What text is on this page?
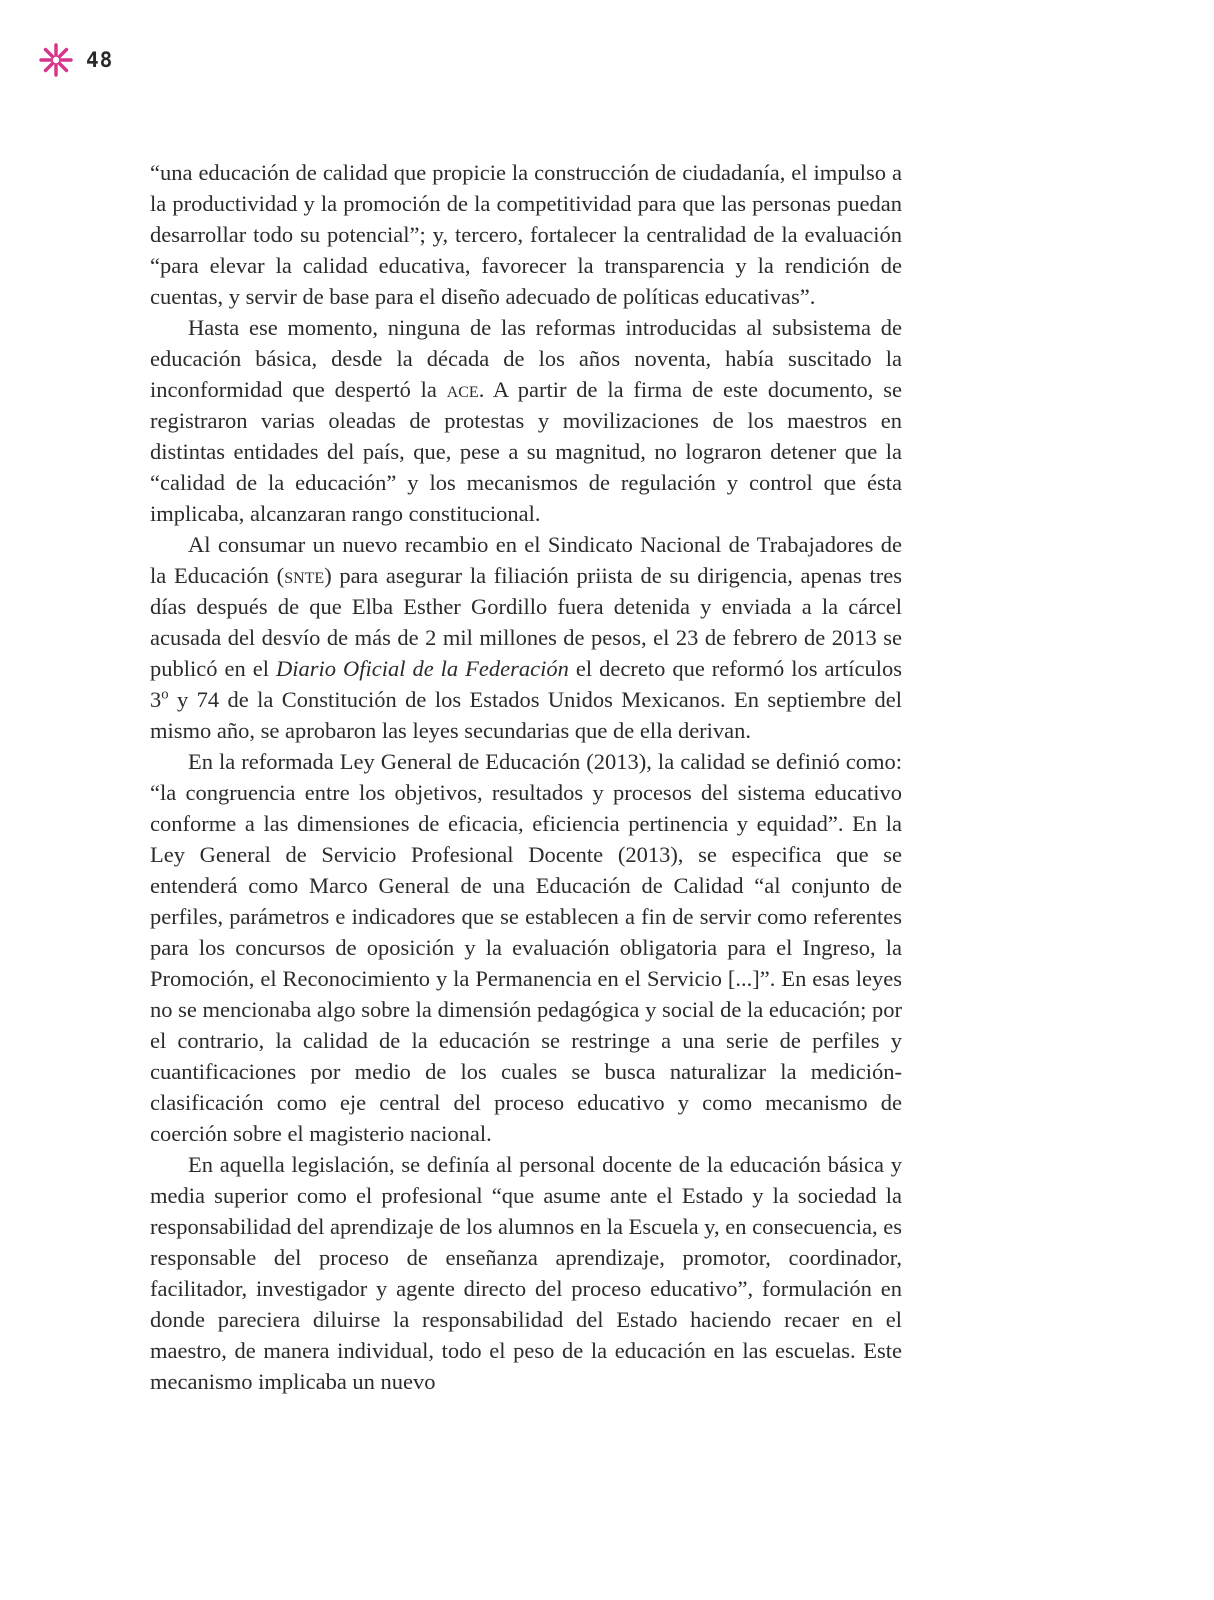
48

“una educación de calidad que propicie la construcción de ciudadanía, el impulso a la productividad y la promoción de la competitividad para que las personas puedan desarrollar todo su potencial”; y, tercero, fortalecer la centralidad de la evaluación “para elevar la calidad educativa, favorecer la transparencia y la rendición de cuentas, y servir de base para el diseño adecuado de políticas educativas”.

Hasta ese momento, ninguna de las reformas introducidas al subsistema de educación básica, desde la década de los años noventa, había suscitado la inconformidad que despertó la ace. A partir de la firma de este documento, se registraron varias oleadas de protestas y movilizaciones de los maestros en distintas entidades del país, que, pese a su magnitud, no lograron detener que la “calidad de la educación” y los mecanismos de regulación y control que ésta implicaba, alcanzaran rango constitucional.

Al consumar un nuevo recambio en el Sindicato Nacional de Trabajadores de la Educación (snte) para asegurar la filiación priista de su dirigencia, apenas tres días después de que Elba Esther Gordillo fuera detenida y enviada a la cárcel acusada del desvío de más de 2 mil millones de pesos, el 23 de febrero de 2013 se publicó en el Diario Oficial de la Federación el decreto que reformó los artículos 3$^o$ y 74 de la Constitución de los Estados Unidos Mexicanos. En septiembre del mismo año, se aprobaron las leyes secundarias que de ella derivan.

En la reformada Ley General de Educación (2013), la calidad se definió como: “la congruencia entre los objetivos, resultados y procesos del sistema educativo conforme a las dimensiones de eficacia, eficiencia pertinencia y equidad”. En la Ley General de Servicio Profesional Docente (2013), se especifica que se entenderá como Marco General de una Educación de Calidad “al conjunto de perfiles, parámetros e indicadores que se establecen a fin de servir como referentes para los concursos de oposición y la evaluación obligatoria para el Ingreso, la Promoción, el Reconocimiento y la Permanencia en el Servicio [...]”. En esas leyes no se mencionaba algo sobre la dimensión pedagógica y social de la educación; por el contrario, la calidad de la educación se restringe a una serie de perfiles y cuantificaciones por medio de los cuales se busca naturalizar la medición-clasificación como eje central del proceso educativo y como mecanismo de coerción sobre el magisterio nacional.

En aquella legislación, se definía al personal docente de la educación básica y media superior como el profesional “que asume ante el Estado y la sociedad la responsabilidad del aprendizaje de los alumnos en la Escuela y, en consecuencia, es responsable del proceso de enseñanza aprendizaje, promotor, coordinador, facilitador, investigador y agente directo del proceso educativo”, formulación en donde pareciera diluirse la responsabilidad del Estado haciendo recaer en el maestro, de manera individual, todo el peso de la educación en las escuelas. Este mecanismo implicaba un nuevo
